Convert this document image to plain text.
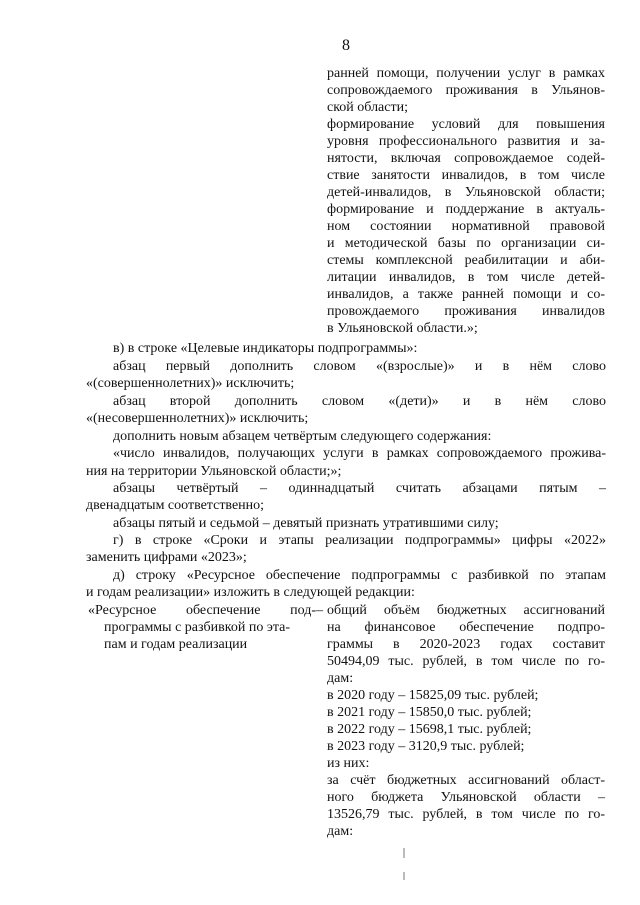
8
ранней помощи, получении услуг в рамках
сопровождаемого проживания в Ульянов-
ской области;
формирование условий для повышения
уровня профессионального развития и за-
нятости, включая сопровождаемое содей-
ствие занятости инвалидов, в том числе
детей-инвалидов, в Ульяновской области;
формирование и поддержание в актуаль-
ном состоянии нормативной правовой
и методической базы по организации си-
стемы комплексной реабилитации и аби-
литации инвалидов, в том числе детей-
инвалидов, а также ранней помощи и со-
провождаемого проживания инвалидов
в Ульяновской области.»;
в) в строке «Целевые индикаторы подпрограммы»:
абзац первый дополнить словом «(взрослые)» и в нём слово
«(совершеннолетних)» исключить;
абзац второй дополнить словом «(дети)» и в нём слово
«(несовершеннолетних)» исключить;
дополнить новым абзацем четвёртым следующего содержания:
«число инвалидов, получающих услуги в рамках сопровождаемого прожива-
ния на территории Ульяновской области;»;
абзацы четвёртый – одиннадцатый считать абзацами пятым –
двенадцатым соответственно;
абзацы пятый и седьмой – девятый признать утратившими силу;
г) в строке «Сроки и этапы реализации подпрограммы» цифры «2022»
заменить цифрами «2023»;
д) строку «Ресурсное обеспечение подпрограммы с разбивкой по этапам
и годам реализации» изложить в следующей редакции:
«Ресурсное обеспечение под-
программы с разбивкой по эта-
пам и годам реализации
– общий объём бюджетных ассигнований
на финансовое обеспечение подпро-
граммы в 2020-2023 годах составит
50494,09 тыс. рублей, в том числе по го-
дам:
в 2020 году – 15825,09 тыс. рублей;
в 2021 году – 15850,0 тыс. рублей;
в 2022 году – 15698,1 тыс. рублей;
в 2023 году – 3120,9 тыс. рублей;
из них:
за счёт бюджетных ассигнований област-
ного бюджета Ульяновской области –
13526,79 тыс. рублей, в том числе по го-
дам:
